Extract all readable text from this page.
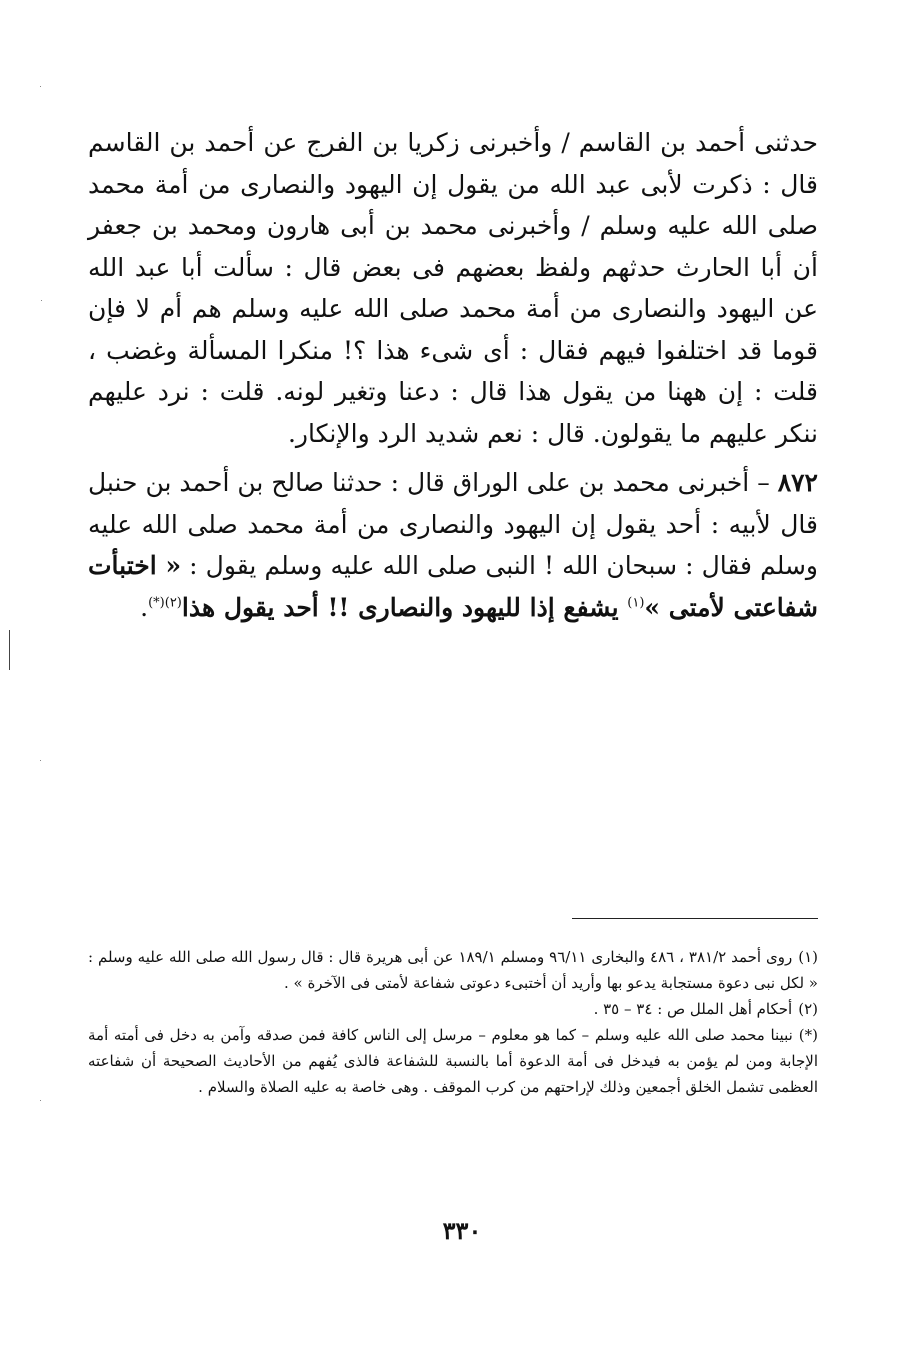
حدثنى أحمد بن القاسم / وأخبرنى زكريا بن الفرج عن أحمد بن القاسم قال : ذكرت لأبى عبد الله من يقول إن اليهود والنصارى من أمة محمد صلى الله عليه وسلم / وأخبرنى محمد بن أبى هارون ومحمد بن جعفر أن أبا الحارث حدثهم ولفظ بعضهم فى بعض قال : سألت أبا عبد الله عن اليهود والنصارى من أمة محمد صلى الله عليه وسلم هم أم لا فإن قوما قد اختلفوا فيهم فقال : أى شىء هذا ؟! منكرا المسألة وغضب ، قلت : إن ههنا من يقول هذا قال : دعنا وتغير لونه. قلت : نرد عليهم ننكر عليهم ما يقولون. قال : نعم شديد الرد والإنكار.

٨٧٢ – أخبرنى محمد بن على الوراق قال : حدثنا صالح بن أحمد بن حنبل قال لأبيه : أحد يقول إن اليهود والنصارى من أمة محمد صلى الله عليه وسلم فقال : سبحان الله ! النبى صلى الله عليه وسلم يقول : « اختبأت شفاعتى لأمتى »$^{(١)}$ يشفع إذا لليهود والنصارى !! أحد يقول هذا$^{(٢)(*)}$.

(١)روى أحمد ٣٨١/٢ ، ٤٨٦ والبخارى ٩٦/١١ ومسلم ١٨٩/١ عن أبى هريرة قال : قال رسول الله صلى الله عليه وسلم : « لكل نبى دعوة مستجابة يدعو بها وأريد أن أختبىء دعوتى شفاعة لأمتى فى الآخرة » .

(٢)أحكام أهل الملل ص : ٣٤ – ٣٥ .

(*)نبينا محمد صلى الله عليه وسلم – كما هو معلوم – مرسل إلى الناس كافة فمن صدقه وآمن به دخل فى أمته أمة الإجابة ومن لم يؤمن به فيدخل فى أمة الدعوة أما بالنسبة للشفاعة فالذى يُفهم من الأحاديث الصحيحة أن شفاعته العظمى تشمل الخلق أجمعين وذلك لإراحتهم من كرب الموقف . وهى خاصة به عليه الصلاة والسلام .

٣٣٠
